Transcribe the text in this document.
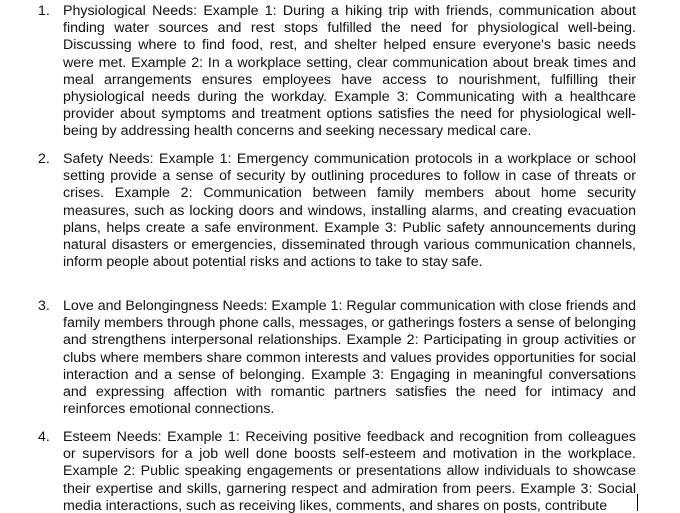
1. Physiological Needs: Example 1: During a hiking trip with friends, communication about finding water sources and rest stops fulfilled the need for physiological well-being. Discussing where to find food, rest, and shelter helped ensure everyone's basic needs were met. Example 2: In a workplace setting, clear communication about break times and meal arrangements ensures employees have access to nourishment, fulfilling their physiological needs during the workday. Example 3: Communicating with a healthcare provider about symptoms and treatment options satisfies the need for physiological well-being by addressing health concerns and seeking necessary medical care.
2. Safety Needs: Example 1: Emergency communication protocols in a workplace or school setting provide a sense of security by outlining procedures to follow in case of threats or crises. Example 2: Communication between family members about home security measures, such as locking doors and windows, installing alarms, and creating evacuation plans, helps create a safe environment. Example 3: Public safety announcements during natural disasters or emergencies, disseminated through various communication channels, inform people about potential risks and actions to take to stay safe.
3. Love and Belongingness Needs: Example 1: Regular communication with close friends and family members through phone calls, messages, or gatherings fosters a sense of belonging and strengthens interpersonal relationships. Example 2: Participating in group activities or clubs where members share common interests and values provides opportunities for social interaction and a sense of belonging. Example 3: Engaging in meaningful conversations and expressing affection with romantic partners satisfies the need for intimacy and reinforces emotional connections.
4. Esteem Needs: Example 1: Receiving positive feedback and recognition from colleagues or supervisors for a job well done boosts self-esteem and motivation in the workplace. Example 2: Public speaking engagements or presentations allow individuals to showcase their expertise and skills, garnering respect and admiration from peers. Example 3: Social media interactions, such as receiving likes, comments, and shares on posts, contribute
